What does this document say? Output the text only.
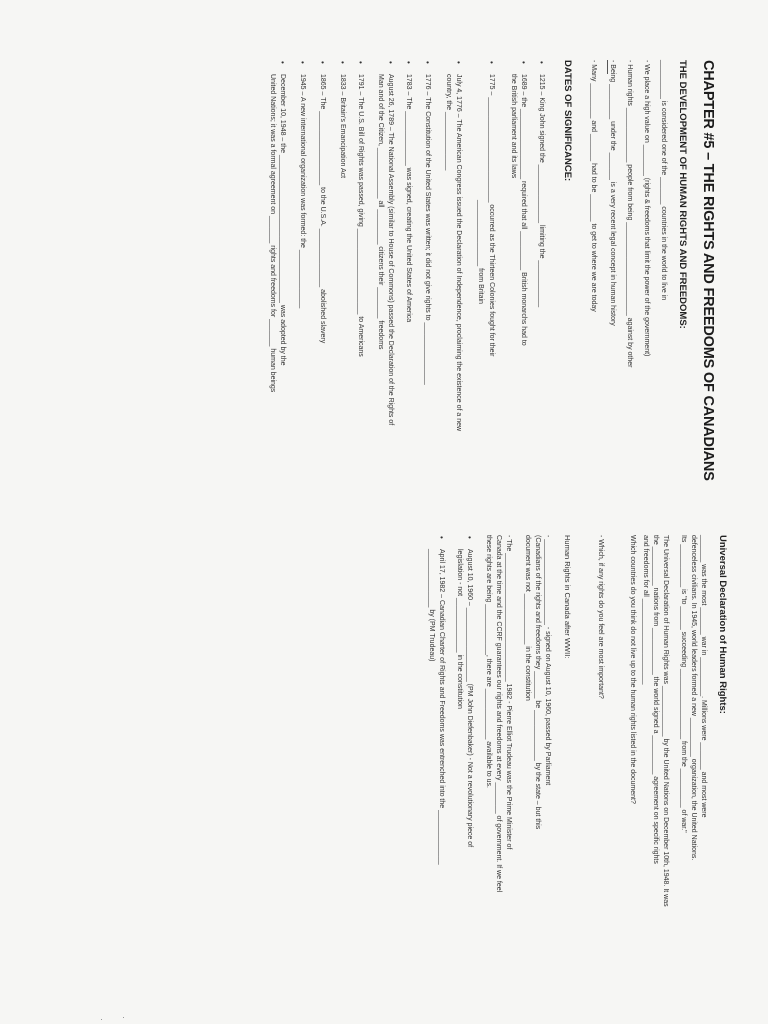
CHAPTER #5 – THE RIGHTS AND FREEDOMS OF CANADIANS
THE DEVELOPMENT OF HUMAN RIGHTS AND FREEDOMS:
__________ is considered one of the _______ countries in the world to live in
- We place a high value on ________ (rights & freedoms that limit the power of the government)
- Human rights ______________ people from being ________________________ against by other
- Being _________ under the _______ is a very recent legal concept in human history
- Many _________ and _______ had to be _______ to get to where we are today
DATES OF SIGNIFICANCE:
• 1215 – King John signed the _______________ limiting the ____________
• 1689 – the __________________ required that all __________ British monarchs had to
the British parliament and its laws
• 1775 – ___________________________ occurred as the Thirteen Colonies fought for their
_________________ from Britain
• July 4, 1776 – The American Congress issued the Declaration of Independence, proclaiming the existence of a new
country, the _______________
• 1776 – The Constitution of the United States was written; it did not give rights to ________________
• 1783 – The ______________ was signed, creating the United States of America
• August 26, 1789 – The National Assembly (similar to House of Commons) passed the Declaration of the Rights of
Man and of the Citizen, _____________ all _________ citizens their ________ freedoms
• 1791 – The U.S. Bill of Rights was passed, giving ______________________ to Americans
• 1833 – Britain's Emancipation Act
• 1865 – The ___________________ to the U.S.A. _______________ abolished slavery
• 1945 – A new international organization was formed: the _______________
• December 10, 1948 – the ______________________________________ was adopted by the
United Nations; it was a formal agreement on _______ rights and freedoms for _______ human beings
Universal Declaration of Human Rights:
_______ was the most _______ war in __________. Millions were _______ and most were
defenceless civilians. In 1945, world leaders formed a new __________ organization, the United Nations.
Its ___________ is "to ______ succeeding __________________ from the __________ of war."
The Universal Declaration of Human Rights was _____________ by the United Nations on December 10th, 1948. It was
the __________ nations from ____________ the world signed a __________ agreement on specific rights
and freedoms for all ______________________
Which countries do you think do not live up to the human rights listed in the document?
- Which, if any rights do you feel are most important?
Human Rights in Canada after WWII:
- ______________________ - signed on August 10, 1960, passed by Parliament
(Canadians of the rights and freedoms they _______ be _____________ by the state – but this
document was not _____________ in the constitution
- The _________________________________ 1982 - Pierre Elliot Trudeau was the Prime Minister of
Canada at the time and the CCRF guarantees our rights and freedoms at every ________ of government. If we feel
these rights are being _____________, there are _____________ available to us.
• August 10, 1960 – ___________________ (PM John Diefenbaker) - Not a revolutionary piece of
legislation - not ______________ in the constitution
• April 17, 1982 – Canadian Charter of Rights and Freedoms was entrenched into the ______________
_______________ by (PM Trudeau)
·
·
